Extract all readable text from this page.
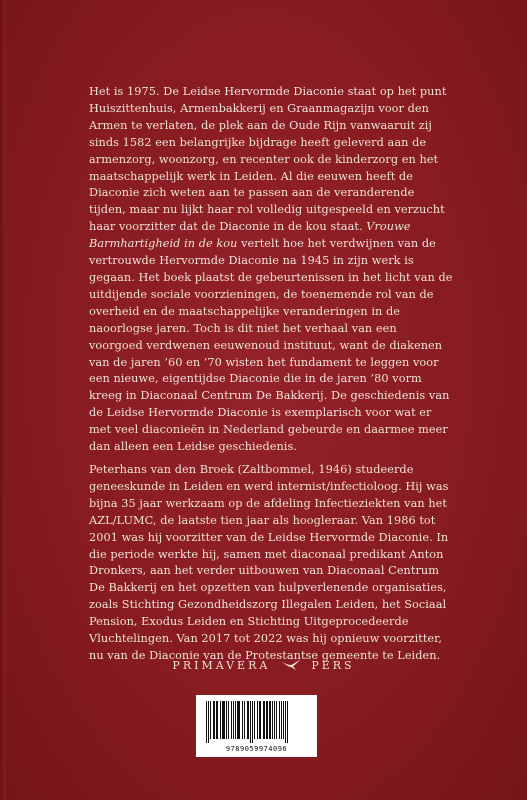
Het is 1975. De Leidse Hervormde Diaconie staat op het punt Huiszittenhuis, Armenbakkerij en Graanmagazijn voor den Armen te verlaten, de plek aan de Oude Rijn vanwaaruit zij sinds 1582 een belangrijke bijdrage heeft geleverd aan de armenzorg, woonzorg, en recenter ook de kinderzorg en het maatschappelijk werk in Leiden. Al die eeuwen heeft de Diaconie zich weten aan te passen aan de veranderende tijden, maar nu lijkt haar rol volledig uitgespeeld en verzucht haar voorzitter dat de Diaconie in de kou staat. Vrouwe Barmhartigheid in de kou vertelt hoe het verdwijnen van de vertrouwde Hervormde Diaconie na 1945 in zijn werk is gegaan. Het boek plaatst de gebeurtenissen in het licht van de uitdijende sociale voorzieningen, de toenemende rol van de overheid en de maatschappelijke veranderingen in de naoorlogse jaren. Toch is dit niet het verhaal van een voorgoed verdwenen eeuwenoud instituut, want de diakenen van de jaren ’60 en ’70 wisten het fundament te leggen voor een nieuwe, eigentijdse Diaconie die in de jaren ’80 vorm kreeg in Diaconaal Centrum De Bakkerij. De geschiedenis van de Leidse Hervormde Diaconie is exemplarisch voor wat er met veel diaconieën in Nederland gebeurde en daarmee meer dan alleen een Leidse geschiedenis.

Peterhans van den Broek (Zaltbommel, 1946) studeerde geneeskunde in Leiden en werd internist/infectioloog. Hij was bijna 35 jaar werkzaam op de afdeling Infectieziekten van het AZL/LUMC, de laatste tien jaar als hoogleraar. Van 1986 tot 2001 was hij voorzitter van de Leidse Hervormde Diaconie. In die periode werkte hij, samen met diaconaal predikant Anton Dronkers, aan het verder uitbouwen van Diaconaal Centrum De Bakkerij en het opzetten van hulpverlenende organisaties, zoals Stichting Gezondheidszorg Illegalen Leiden, het Sociaal Pension, Exodus Leiden en Stichting Uitgeprocedeerde Vluchtelingen. Van 2017 tot 2022 was hij opnieuw voorzitter, nu van de Diaconie van de Protestantse gemeente te Leiden.

PRIMAVERA	PERS
9789059974096
